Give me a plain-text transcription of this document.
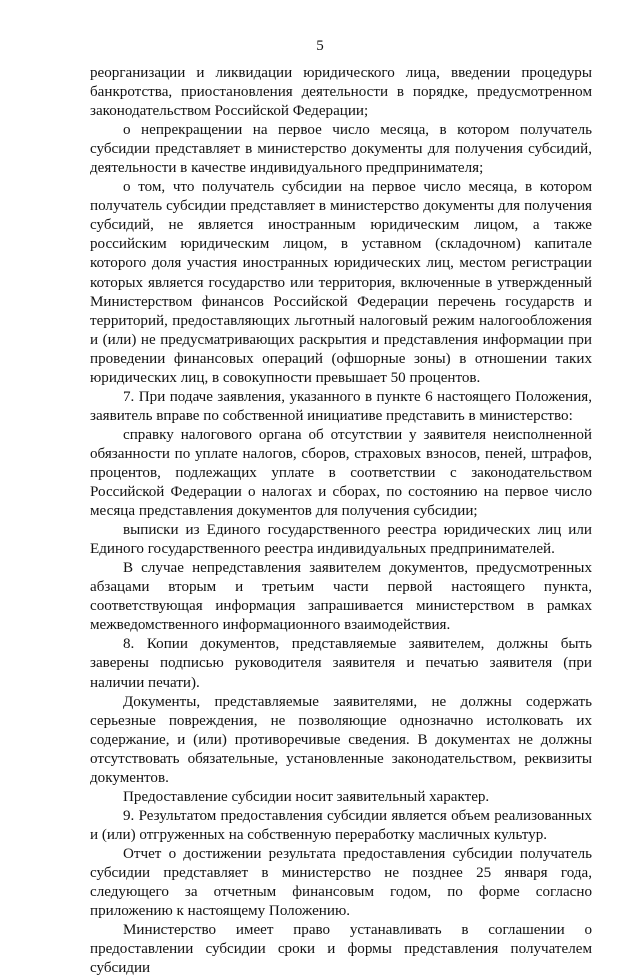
5

реорганизации и ликвидации юридического лица, введении процедуры банкротства, приостановления деятельности в порядке, предусмотренном законодательством Российской Федерации;

о непрекращении на первое число месяца, в котором получатель субсидии представляет в министерство документы для получения субсидий, деятельности в качестве индивидуального предпринимателя;

о том, что получатель субсидии на первое число месяца, в котором получатель субсидии представляет в министерство документы для получения субсидий, не является иностранным юридическим лицом, а также российским юридическим лицом, в уставном (складочном) капитале которого доля участия иностранных юридических лиц, местом регистрации которых является государство или территория, включенные в утвержденный Министерством финансов Российской Федерации перечень государств и территорий, предоставляющих льготный налоговый режим налогообложения и (или) не предусматривающих раскрытия и представления информации при проведении финансовых операций (офшорные зоны) в отношении таких юридических лиц, в совокупности превышает 50 процентов.

7. При подаче заявления, указанного в пункте 6 настоящего Положения, заявитель вправе по собственной инициативе представить в министерство:

справку налогового органа об отсутствии у заявителя неисполненной обязанности по уплате налогов, сборов, страховых взносов, пеней, штрафов, процентов, подлежащих уплате в соответствии с законодательством Российской Федерации о налогах и сборах, по состоянию на первое число месяца представления документов для получения субсидии;

выписки из Единого государственного реестра юридических лиц или Единого государственного реестра индивидуальных предпринимателей.

В случае непредставления заявителем документов, предусмотренных абзацами вторым и третьим части первой настоящего пункта, соответствующая информация запрашивается министерством в рамках межведомственного информационного взаимодействия.

8. Копии документов, представляемые заявителем, должны быть заверены подписью руководителя заявителя и печатью заявителя (при наличии печати).

Документы, представляемые заявителями, не должны содержать серьезные повреждения, не позволяющие однозначно истолковать их содержание, и (или) противоречивые сведения. В документах не должны отсутствовать обязательные, установленные законодательством, реквизиты документов.

Предоставление субсидии носит заявительный характер.

9. Результатом предоставления субсидии является объем реализованных и (или) отгруженных на собственную переработку масличных культур.

Отчет о достижении результата предоставления субсидии получатель субсидии представляет в министерство не позднее 25 января года, следующего за отчетным финансовым годом, по форме согласно приложению к настоящему Положению.

Министерство имеет право устанавливать в соглашении о предоставлении субсидии сроки и формы представления получателем субсидии
